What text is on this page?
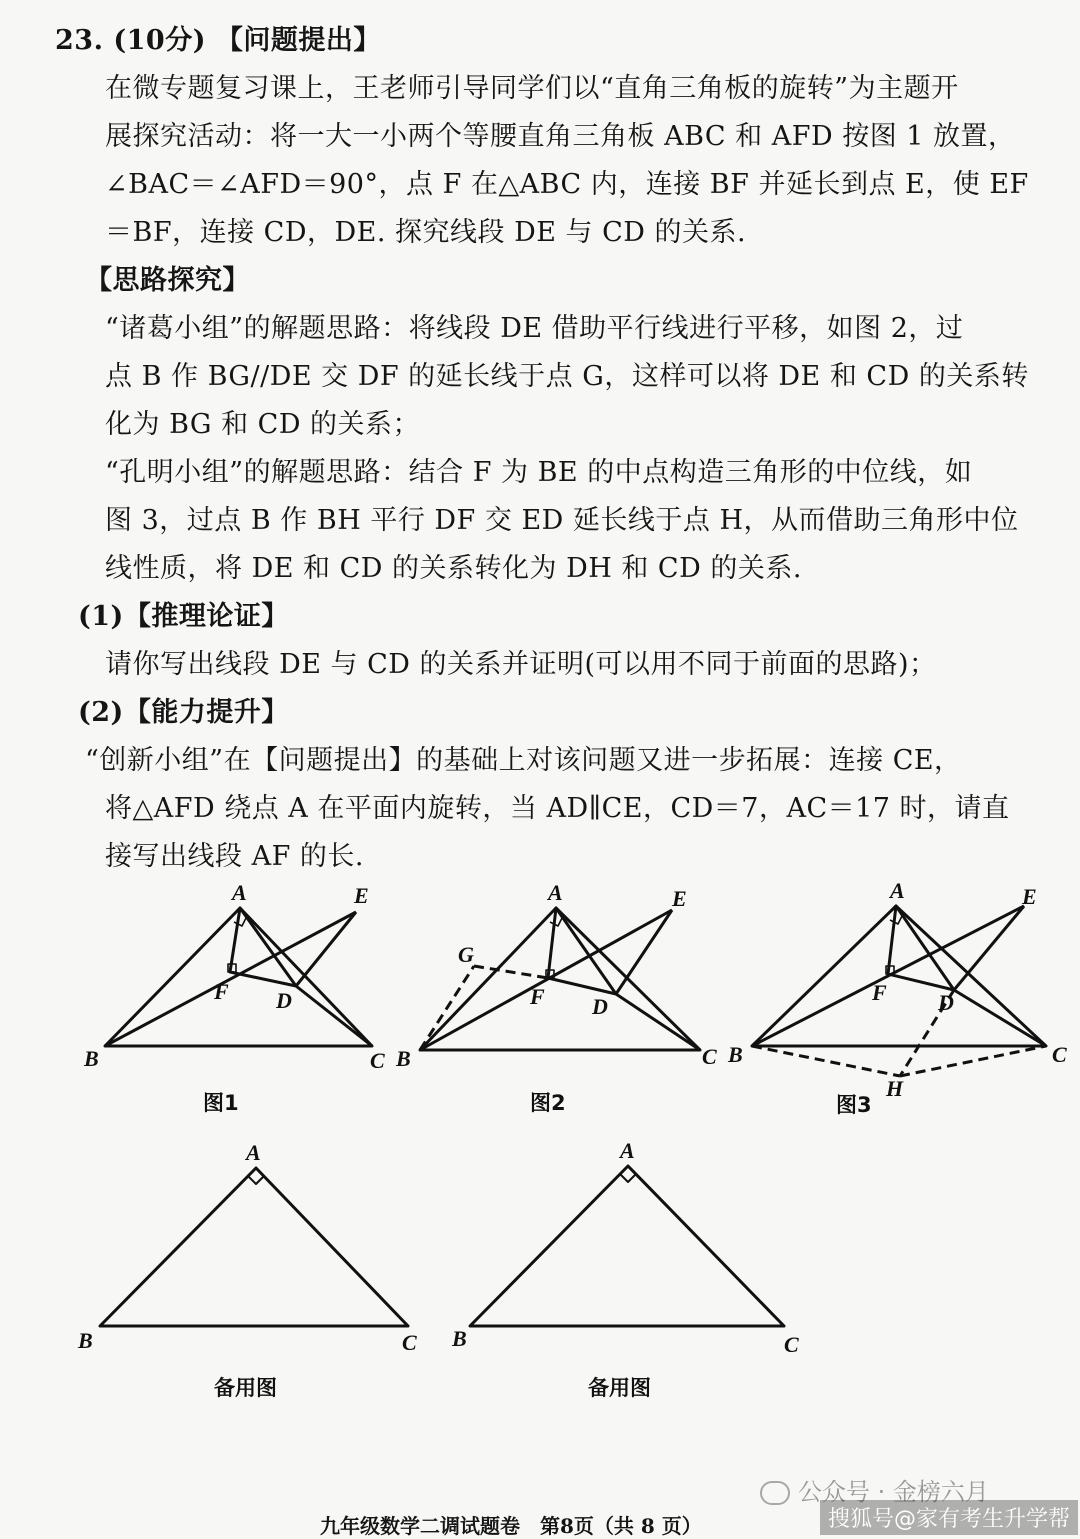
23. (10分) 【问题提出】
在微专题复习课上，王老师引导同学们以“直角三角板的旋转”为主题开
展探究活动：将一大一小两个等腰直角三角板 ABC 和 AFD 按图 1 放置，
∠BAC＝∠AFD＝90°，点 F 在△ABC 内，连接 BF 并延长到点 E，使 EF
＝BF，连接 CD，DE. 探究线段 DE 与 CD 的关系.
【思路探究】
“诸葛小组”的解题思路：将线段 DE 借助平行线进行平移，如图 2，过
点 B 作 BG//DE 交 DF 的延长线于点 G，这样可以将 DE 和 CD 的关系转
化为 BG 和 CD 的关系；
“孔明小组”的解题思路：结合 F 为 BE 的中点构造三角形的中位线，如
图 3，过点 B 作 BH 平行 DF 交 ED 延长线于点 H，从而借助三角形中位
线性质，将 DE 和 CD 的关系转化为 DH 和 CD 的关系.
(1)【推理论证】
请你写出线段 DE 与 CD 的关系并证明(可以用不同于前面的思路)；
(2)【能力提升】
“创新小组”在【问题提出】的基础上对该问题又进一步拓展：连接 CE，
将△AFD 绕点 A 在平面内旋转，当 AD∥CE，CD＝7，AC＝17 时，请直
接写出线段 AF 的长.
A	E
F D
B	C
图1
A	E
G
F D
B	C
图2
A	E
F D
B	C
H
图3
A
B	C
备用图
A
B	C
备用图
公众号 · 金榜六月
九年级数学二调试题卷　第8页（共 8 页）	搜狐号@家有考生升学帮
